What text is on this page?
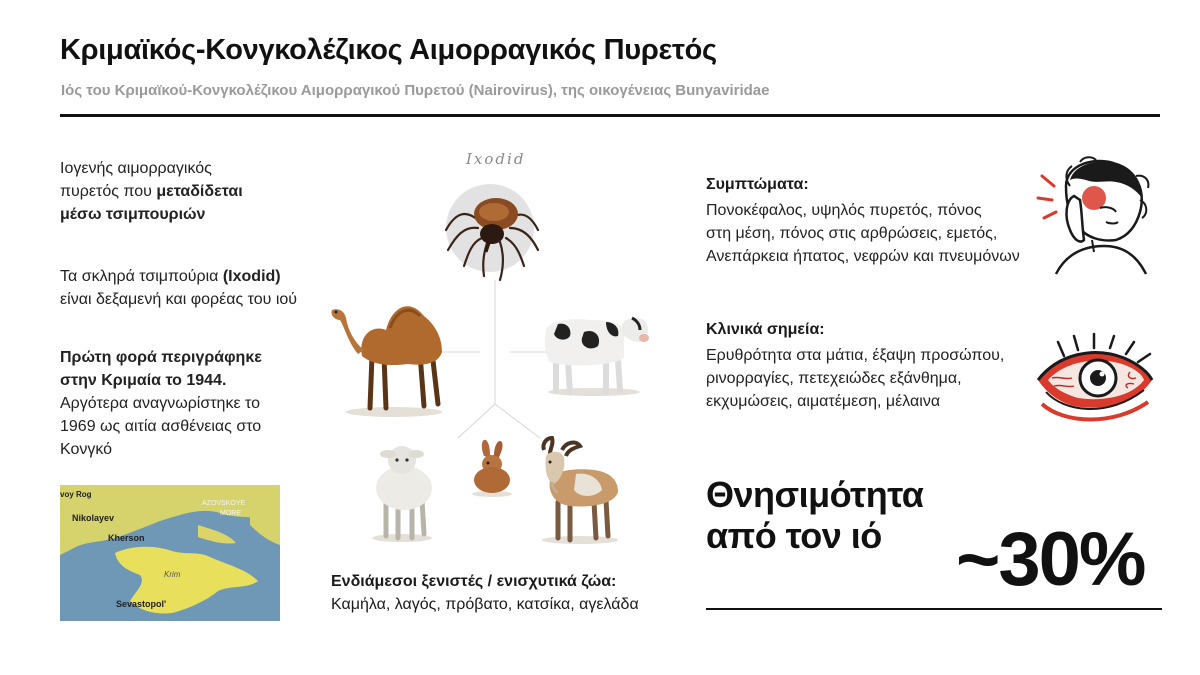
Κριμαϊκός-Κονγκολέζικος Αιμορραγικός Πυρετός
Ιός του Κριμαϊκού-Κονγκολέζικου Αιμορραγικού Πυρετού (Nairovirus), της οικογένειας Bunyaviridae
Ιογενής αιμορραγικός
πυρετός που μεταδίδεται
μέσω τσιμπουριών
Τα σκληρά τσιμπούρια (Ixodid)
είναι δεξαμενή και φορέας του ιού
Πρώτη φορά περιγράφηκε
στην Κριμαία το 1944.
Αργότερα αναγνωρίστηκε το
1969 ως αιτία ασθένειας στο
Κονγκό
voy Rog
Nikolayev
Kherson
AZOVSKOYE
MORE
Sevastopol'
Krim
Ixodid
Ενδιάμεσοι ξενιστές / ενισχυτικά ζώα:
Καμήλα, λαγός, πρόβατο, κατσίκα, αγελάδα
Συμπτώματα:
Πονοκέφαλος, υψηλός πυρετός, πόνος
στη μέση, πόνος στις αρθρώσεις, εμετός,
Ανεπάρκεια ήπατος, νεφρών και πνευμόνων
Κλινικά σημεία:
Ερυθρότητα στα μάτια, έξαψη προσώπου,
ρινορραγίες, πετεχειώδες εξάνθημα,
εκχυμώσεις, αιματέμεση, μέλαινα
Θνησιμότητα
από τον ιό ~30%
